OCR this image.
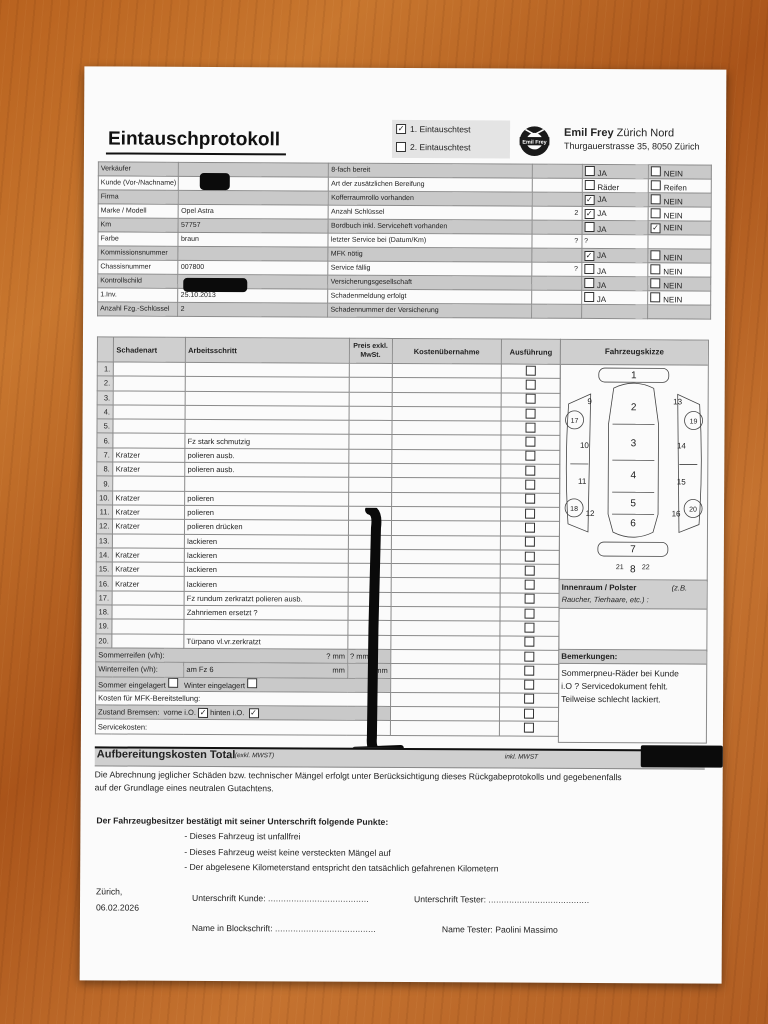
Eintauschprotokoll	✓ 1. Eintauschtest
2. Eintauschtest	Emil Frey
Emil Frey Zürich Nord
Thurgauerstrasse 35, 8050 Zürich
Verkäufer		8-fach bereit		JA	NEIN
Kunde (Vor-/Nachname)		Art der zusätzlichen Bereifung		Räder	Reifen
Firma		Kofferraumrollo vorhanden		✓ JA	NEIN
Marke / Modell	Opel Astra	Anzahl Schlüssel	2	✓ JA	NEIN
Km	57757	Bordbuch inkl. Serviceheft vorhanden		JA	✓ NEIN
Farbe	braun	letzter Service bei (Datum/Km)	?	?	
Kommissionsnummer		MFK nötig		✓ JA	NEIN
Chassisnummer	007800	Service fällig	?	JA	NEIN
Kontrollschild		Versicherungsgesellschaft		JA	NEIN
1.Inv.	25.10.2013	Schadenmeldung erfolgt		JA	NEIN
Anzahl Fzg.-Schlüssel	2	Schadennummer der Versicherung			
	Schadenart	Arbeitsschritt	Preis exkl. MwSt.	Kostenübernahme	Ausführung
1.					
2.					
3.					
4.					
5.					
6.		Fz stark schmutzig			
7.	Kratzer	polieren ausb.			
8.	Kratzer	polieren ausb.			
9.					
10.	Kratzer	polieren			
11.	Kratzer	polieren			
12.	Kratzer	polieren drücken			
13.		lackieren			
14.	Kratzer	lackieren			
15.	Kratzer	lackieren			
16.	Kratzer	lackieren			
17.		Fz rundum zerkratzt polieren ausb.			
18.		Zahnriemen ersetzt ?			
19.					
20.		Türpano vl.vr.zerkratzt			
Sommerreifen (v/h): ? mm			? mm		
Winterreifen (v/h):		am Fz 6 mm	6 mm		
Sommer eingelagert Winter eingelagert					
Kosten für MFK-Bereitstellung:					
Zustand Bremsen: vorne i.O. ✓ hinten i.O. ✓					
Servicekosten:					
Fahrzeugskizze
1
2
3
4
5
6
7
8
9
10
11
12
13
14
15
16
17
18
19
20
21	22
Innenraum / Polster	(z.B.
Raucher, Tierhaare, etc.) :
Bemerkungen:
Sommerpneu-Räder bei Kunde
i.O ? Servicedokument fehlt.
Teilweise schlecht lackiert.
Aufbereitungskosten Total (exkl. MWST)	inkl. MWST
Die Abrechnung jeglicher Schäden bzw. technischer Mängel erfolgt unter Berücksichtigung dieses Rückgabeprotokolls und gegebenenfalls auf der Grundlage eines neutralen Gutachtens.
Der Fahrzeugbesitzer bestätigt mit seiner Unterschrift folgende Punkte:
- Dieses Fahrzeug ist unfallfrei
- Dieses Fahrzeug weist keine versteckten Mängel auf
- Der abgelesene Kilometerstand entspricht den tatsächlich gefahrenen Kilometern
Zürich,
06.02.2026
Unterschrift Kunde: .......................................	Unterschrift Tester: .......................................
Name in Blockschrift: .......................................	Name Tester: Paolini Massimo
